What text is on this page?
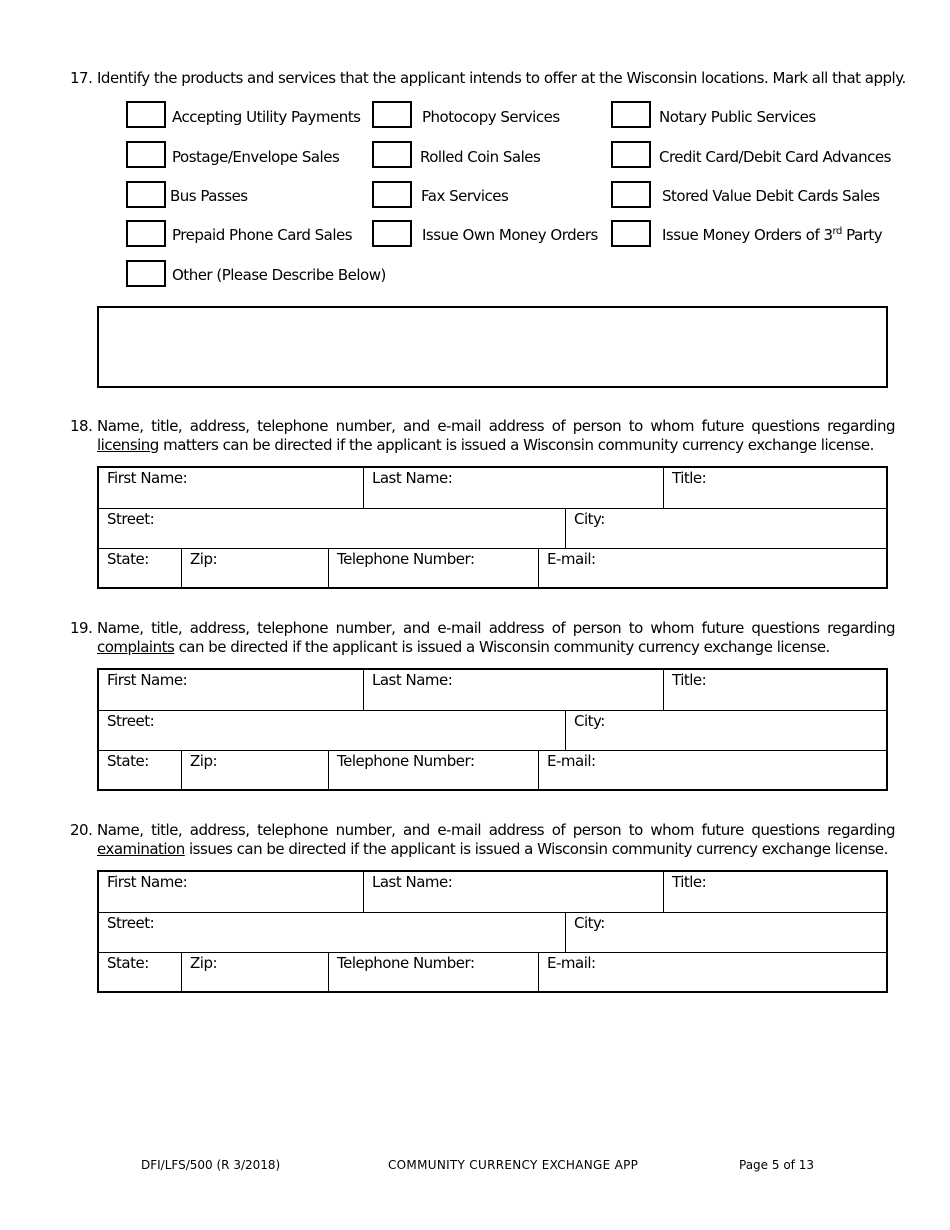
17. Identify the products and services that the applicant intends to offer at the Wisconsin locations. Mark all that apply.
Accepting Utility Payments	Photocopy Services	Notary Public Services
Postage/Envelope Sales	Rolled Coin Sales	Credit Card/Debit Card Advances
Bus Passes	Fax Services	Stored Value Debit Cards Sales
Prepaid Phone Card Sales	Issue Own Money Orders	Issue Money Orders of 3rd Party
Other (Please Describe Below)
18. Name, title, address, telephone number, and e-mail address of person to whom future questions regarding licensing matters can be directed if the applicant is issued a Wisconsin community currency exchange license.
First Name:	Last Name:	Title:
Street:	City:
State:	Zip:	Telephone Number:	E-mail:
19. Name, title, address, telephone number, and e-mail address of person to whom future questions regarding complaints can be directed if the applicant is issued a Wisconsin community currency exchange license.
First Name:	Last Name:	Title:
Street:	City:
State:	Zip:	Telephone Number:	E-mail:
20. Name, title, address, telephone number, and e-mail address of person to whom future questions regarding examination issues can be directed if the applicant is issued a Wisconsin community currency exchange license.
First Name:	Last Name:	Title:
Street:	City:
State:	Zip:	Telephone Number:	E-mail:
DFI/LFS/500 (R 3/2018)	COMMUNITY CURRENCY EXCHANGE APP	Page 5 of 13
